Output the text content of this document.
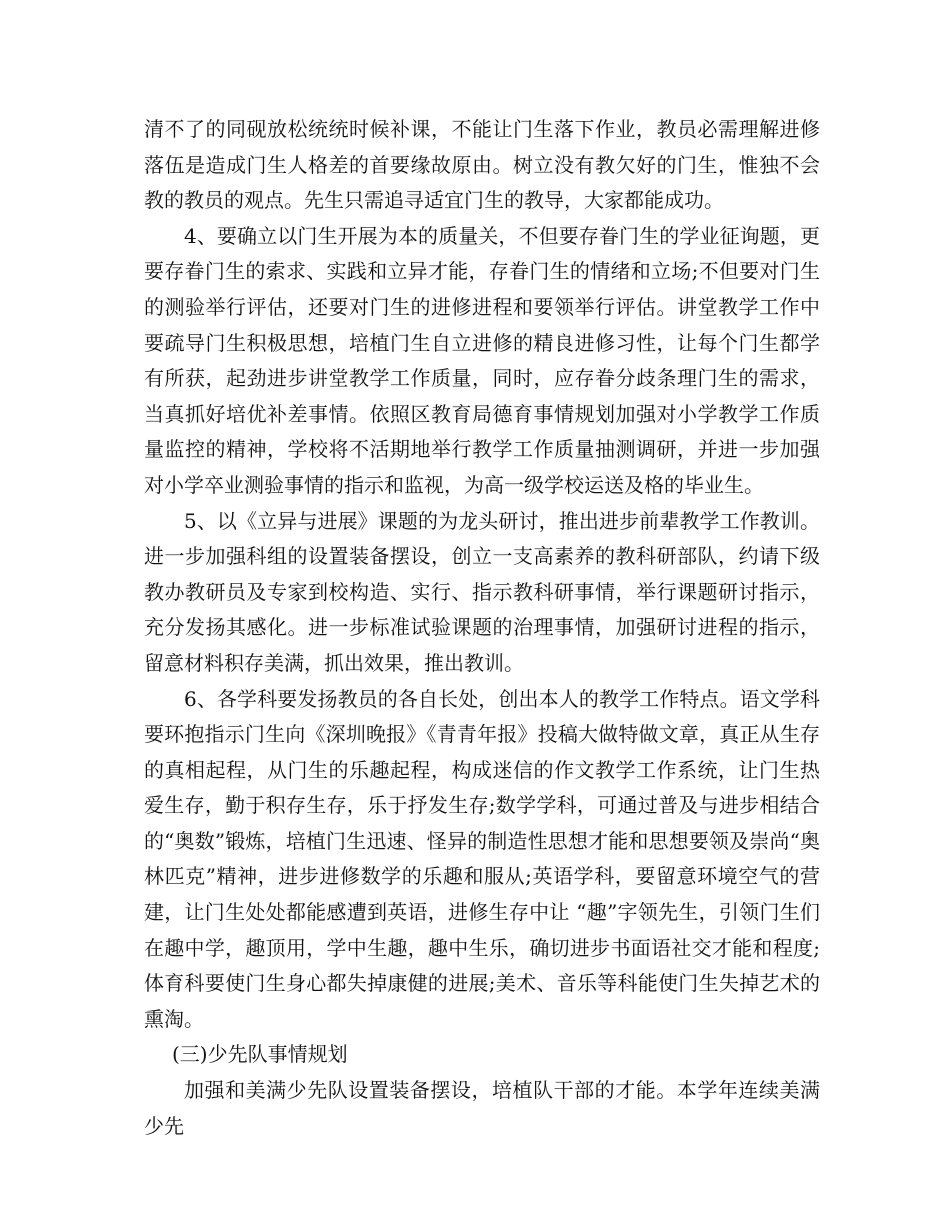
清不了的同砚放松统统时候补课，不能让门生落下作业，教员必需理解进修落伍是造成门生人格差的首要缘故原由。树立没有教欠好的门生，惟独不会教的教员的观点。先生只需追寻适宜门生的教导，大家都能成功。

4、要确立以门生开展为本的质量关，不但要存眷门生的学业征询题，更要存眷门生的索求、实践和立异才能，存眷门生的情绪和立场;不但要对门生的测验举行评估，还要对门生的进修进程和要领举行评估。讲堂教学工作中要疏导门生积极思想，培植门生自立进修的精良进修习性，让每个门生都学有所获，起劲进步讲堂教学工作质量，同时，应存眷分歧条理门生的需求，当真抓好培优补差事情。依照区教育局德育事情规划加强对小学教学工作质量监控的精神，学校将不活期地举行教学工作质量抽测调研，并进一步加强对小学卒业测验事情的指示和监视，为高一级学校运送及格的毕业生。

5、以《立异与进展》课题的为龙头研讨，推出进步前辈教学工作教训。进一步加强科组的设置装备摆设，创立一支高素养的教科研部队，约请下级教办教研员及专家到校构造、实行、指示教科研事情，举行课题研讨指示，充分发扬其感化。进一步标准试验课题的治理事情，加强研讨进程的指示，留意材料积存美满，抓出效果，推出教训。

6、各学科要发扬教员的各自长处，创出本人的教学工作特点。语文学科要环抱指示门生向《深圳晚报》《青青年报》投稿大做特做文章，真正从生存的真相起程，从门生的乐趣起程，构成迷信的作文教学工作系统，让门生热爱生存，勤于积存生存，乐于抒发生存;数学学科，可通过普及与进步相结合的“奥数”锻炼，培植门生迅速、怪异的制造性思想才能和思想要领及崇尚“奥林匹克”精神，进步进修数学的乐趣和服从;英语学科，要留意环境空气的营建，让门生处处都能感遭到英语，进修生存中让 “趣”字领先生，引领门生们在趣中学，趣顶用，学中生趣，趣中生乐，确切进步书面语社交才能和程度;体育科要使门生身心都失掉康健的进展;美术、音乐等科能使门生失掉艺术的熏淘。

(三)少先队事情规划

加强和美满少先队设置装备摆设，培植队干部的才能。本学年连续美满少先
